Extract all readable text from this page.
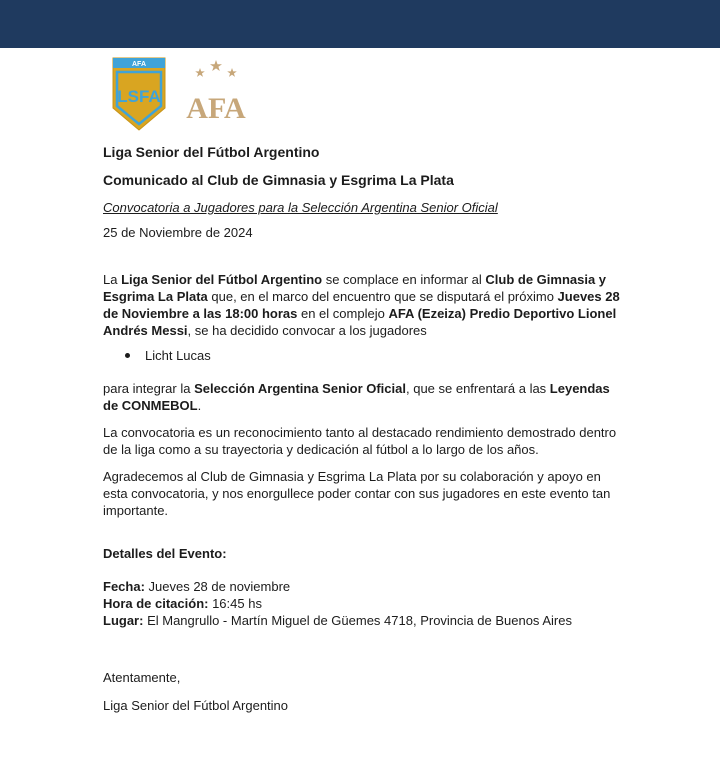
AFA
LSFA AFA

Liga Senior del Fútbol Argentino

Comunicado al Club de Gimnasia y Esgrima La Plata

Convocatoria a Jugadores para la Selección Argentina Senior Oficial

25 de Noviembre de 2024

La Liga Senior del Fútbol Argentino se complace en informar al Club de Gimnasia y Esgrima La Plata que, en el marco del encuentro que se disputará el próximo Jueves 28 de Noviembre a las 18:00 horas en el complejo AFA (Ezeiza) Predio Deportivo Lionel Andrés Messi, se ha decidido convocar a los jugadores

Licht Lucas

para integrar la Selección Argentina Senior Oficial, que se enfrentará a las Leyendas de CONMEBOL.

La convocatoria es un reconocimiento tanto al destacado rendimiento demostrado dentro de la liga como a su trayectoria y dedicación al fútbol a lo largo de los años.

Agradecemos al Club de Gimnasia y Esgrima La Plata por su colaboración y apoyo en esta convocatoria, y nos enorgullece poder contar con sus jugadores en este evento tan importante.

Detalles del Evento:

Fecha: Jueves 28 de noviembre

Hora de citación: 16:45 hs

Lugar: El Mangrullo - Martín Miguel de Güemes 4718, Provincia de Buenos Aires

Atentamente,

Liga Senior del Fútbol Argentino
